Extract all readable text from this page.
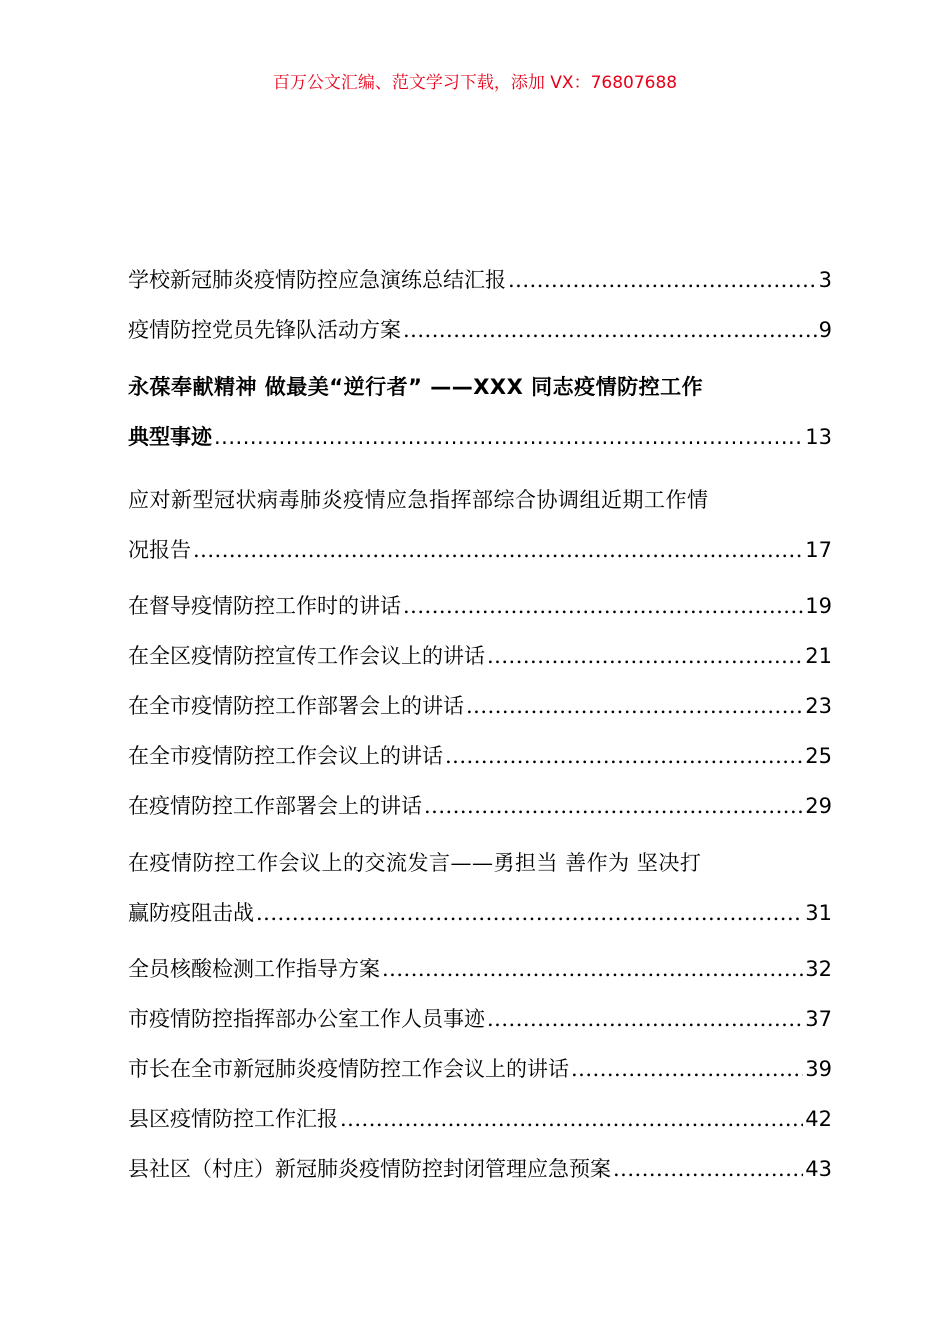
百万公文汇编、范文学习下载，添加 VX：76807688
学校新冠肺炎疫情防控应急演练总结汇报 .....	3
疫情防控党员先锋队活动方案 .....	9
永葆奉献精神 做最美“逆行者” ——XXX 同志疫情防控工作
典型事迹 .....	13
应对新型冠状病毒肺炎疫情应急指挥部综合协调组近期工作情
况报告 .....	17
在督导疫情防控工作时的讲话 .....	19
在全区疫情防控宣传工作会议上的讲话 .....	21
在全市疫情防控工作部署会上的讲话 .....	23
在全市疫情防控工作会议上的讲话 .....	25
在疫情防控工作部署会上的讲话 .....	29
在疫情防控工作会议上的交流发言——勇担当 善作为 坚决打
赢防疫阻击战 .....	31
全员核酸检测工作指导方案 .....	32
市疫情防控指挥部办公室工作人员事迹 .....	37
市长在全市新冠肺炎疫情防控工作会议上的讲话 .....	39
县区疫情防控工作汇报 .....	42
县社区（村庄）新冠肺炎疫情防控封闭管理应急预案 .....	43
